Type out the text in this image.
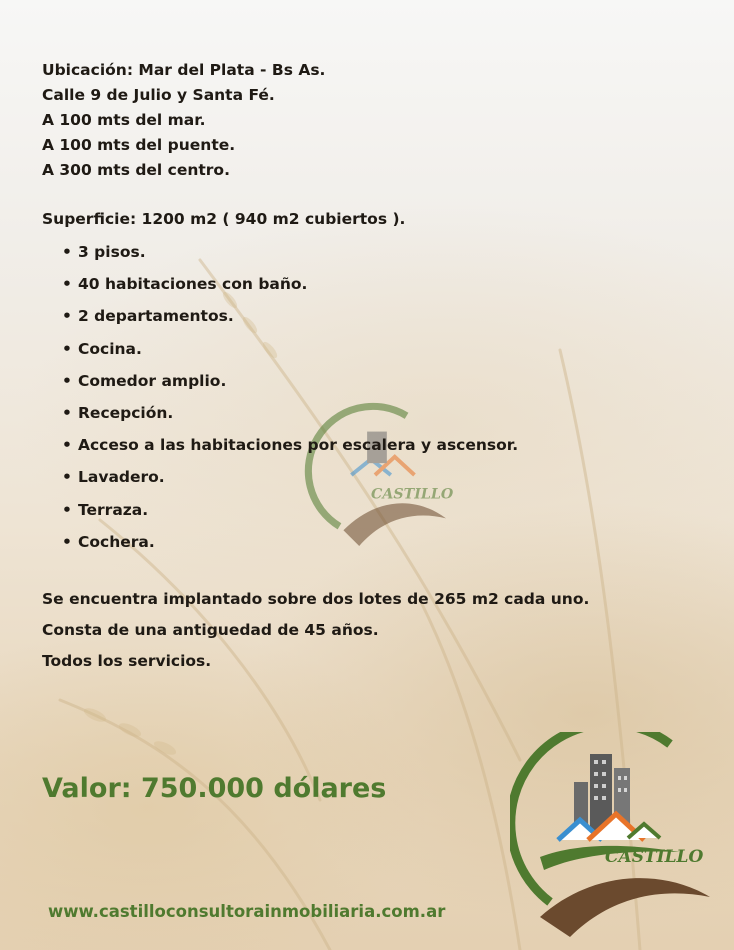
CASTILLO

Ubicación: Mar del Plata - Bs As.

Calle 9 de Julio y Santa Fé.

A 100 mts del mar.

A 100 mts del puente.

A 300 mts del centro.

Superficie: 1200 m2 ( 940 m2 cubiertos ).

• 3 pisos.
• 40 habitaciones con baño.
• 2 departamentos.
• Cocina.
• Comedor amplio.
• Recepción.
• Acceso a las habitaciones por escalera y ascensor.
• Lavadero.
• Terraza.
• Cochera.

Se encuentra implantado sobre dos lotes de 265 m2 cada uno.

Consta de una antiguedad de 45 años.

Todos los servicios.

Valor: 750.000 dólares

CASTILLO

www.castilloconsultorainmobiliaria.com.ar
